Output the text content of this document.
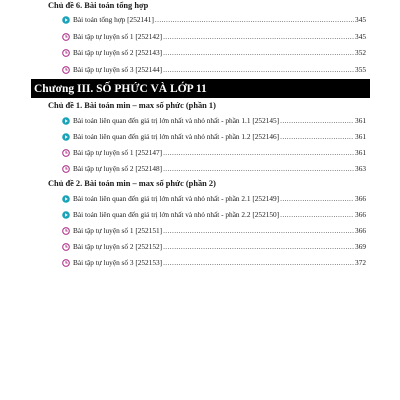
Chủ đề 6. Bài toán tổng hợp
Bài toán tổng hợp [252141] .....	345
Bài tập tự luyện số 1 [252142] .....	345
Bài tập tự luyện số 2 [252143] .....	352
Bài tập tự luyện số 3 [252144] .....	355
Chương III. SỐ PHỨC VÀ LỚP 11
Chủ đề 1. Bài toán min – max số phức (phần 1)
Bài toán liên quan đến giá trị lớn nhất và nhỏ nhất - phần 1.1 [252145] .....	361
Bài toán liên quan đến giá trị lớn nhất và nhỏ nhất - phần 1.2 [252146] .....	361
Bài tập tự luyện số 1 [252147] .....	361
Bài tập tự luyện số 2 [252148] .....	363
Chủ đề 2. Bài toán min – max số phức (phần 2)
Bài toán liên quan đến giá trị lớn nhất và nhỏ nhất - phần 2.1 [252149] .....	366
Bài toán liên quan đến giá trị lớn nhất và nhỏ nhất - phần 2.2 [252150] .....	366
Bài tập tự luyện số 1 [252151] .....	366
Bài tập tự luyện số 2 [252152] .....	369
Bài tập tự luyện số 3 [252153] .....	372
